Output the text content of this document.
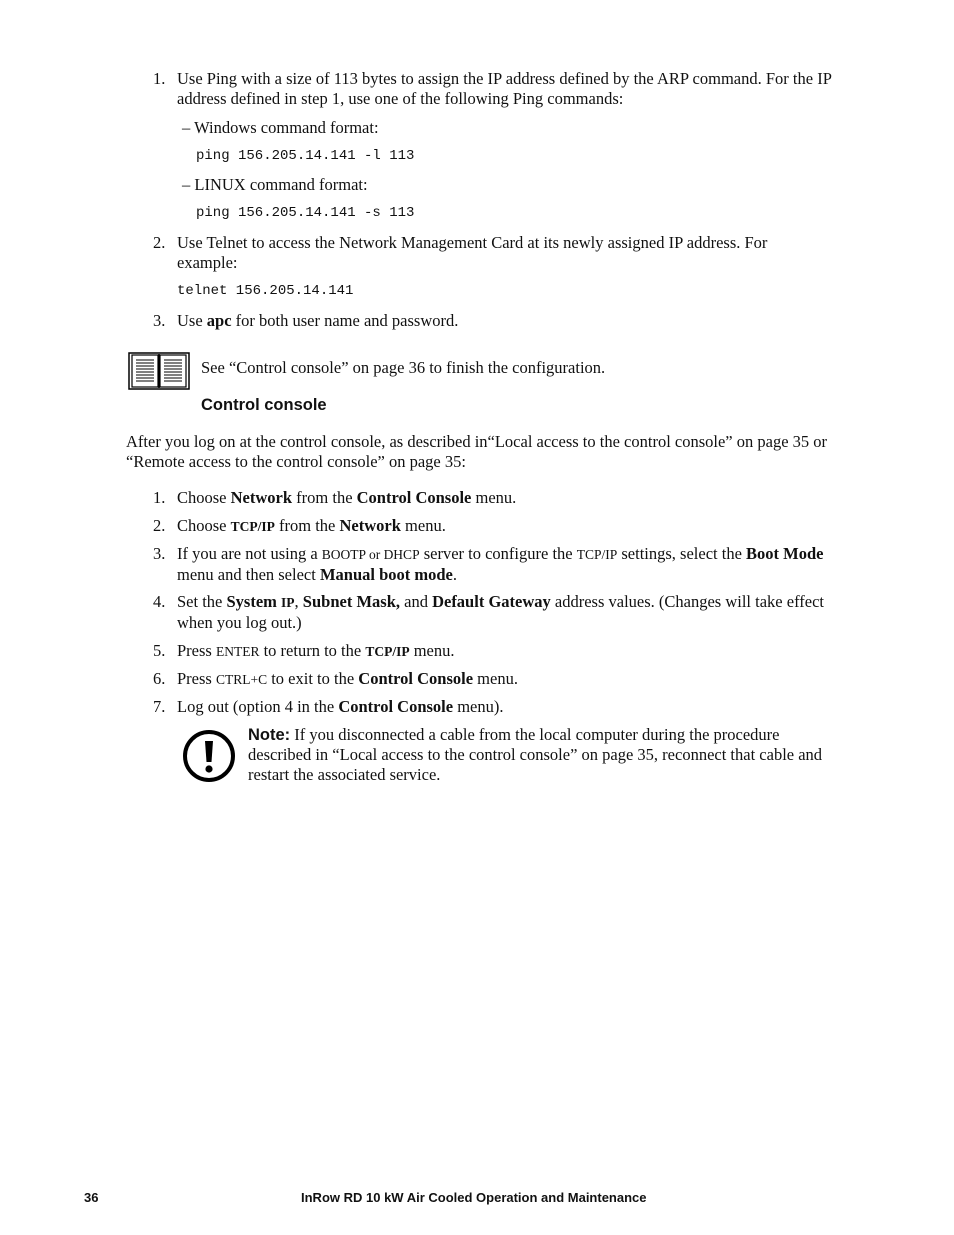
1. Use Ping with a size of 113 bytes to assign the IP address defined by the ARP command. For the IP address defined in step 1, use one of the following Ping commands:
– Windows command format:
ping 156.205.14.141 -l 113
– LINUX command format:
ping 156.205.14.141 -s 113
2. Use Telnet to access the Network Management Card at its newly assigned IP address. For example:
telnet 156.205.14.141
3. Use apc for both user name and password.
See “Control console” on page 36 to finish the configuration.
Control console
After you log on at the control console, as described in“Local access to the control console” on page 35 or “Remote access to the control console” on page 35:
1. Choose Network from the Control Console menu.
2. Choose TCP/IP from the Network menu.
3. If you are not using a BOOTP or DHCP server to configure the TCP/IP settings, select the Boot Mode menu and then select Manual boot mode.
4. Set the System IP, Subnet Mask, and Default Gateway address values. (Changes will take effect when you log out.)
5. Press ENTER to return to the TCP/IP menu.
6. Press CTRL+C to exit to the Control Console menu.
7. Log out (option 4 in the Control Console menu).
Note: If you disconnected a cable from the local computer during the procedure described in “Local access to the control console” on page 35, reconnect that cable and restart the associated service.
36	InRow RD 10 kW Air Cooled Operation and Maintenance
